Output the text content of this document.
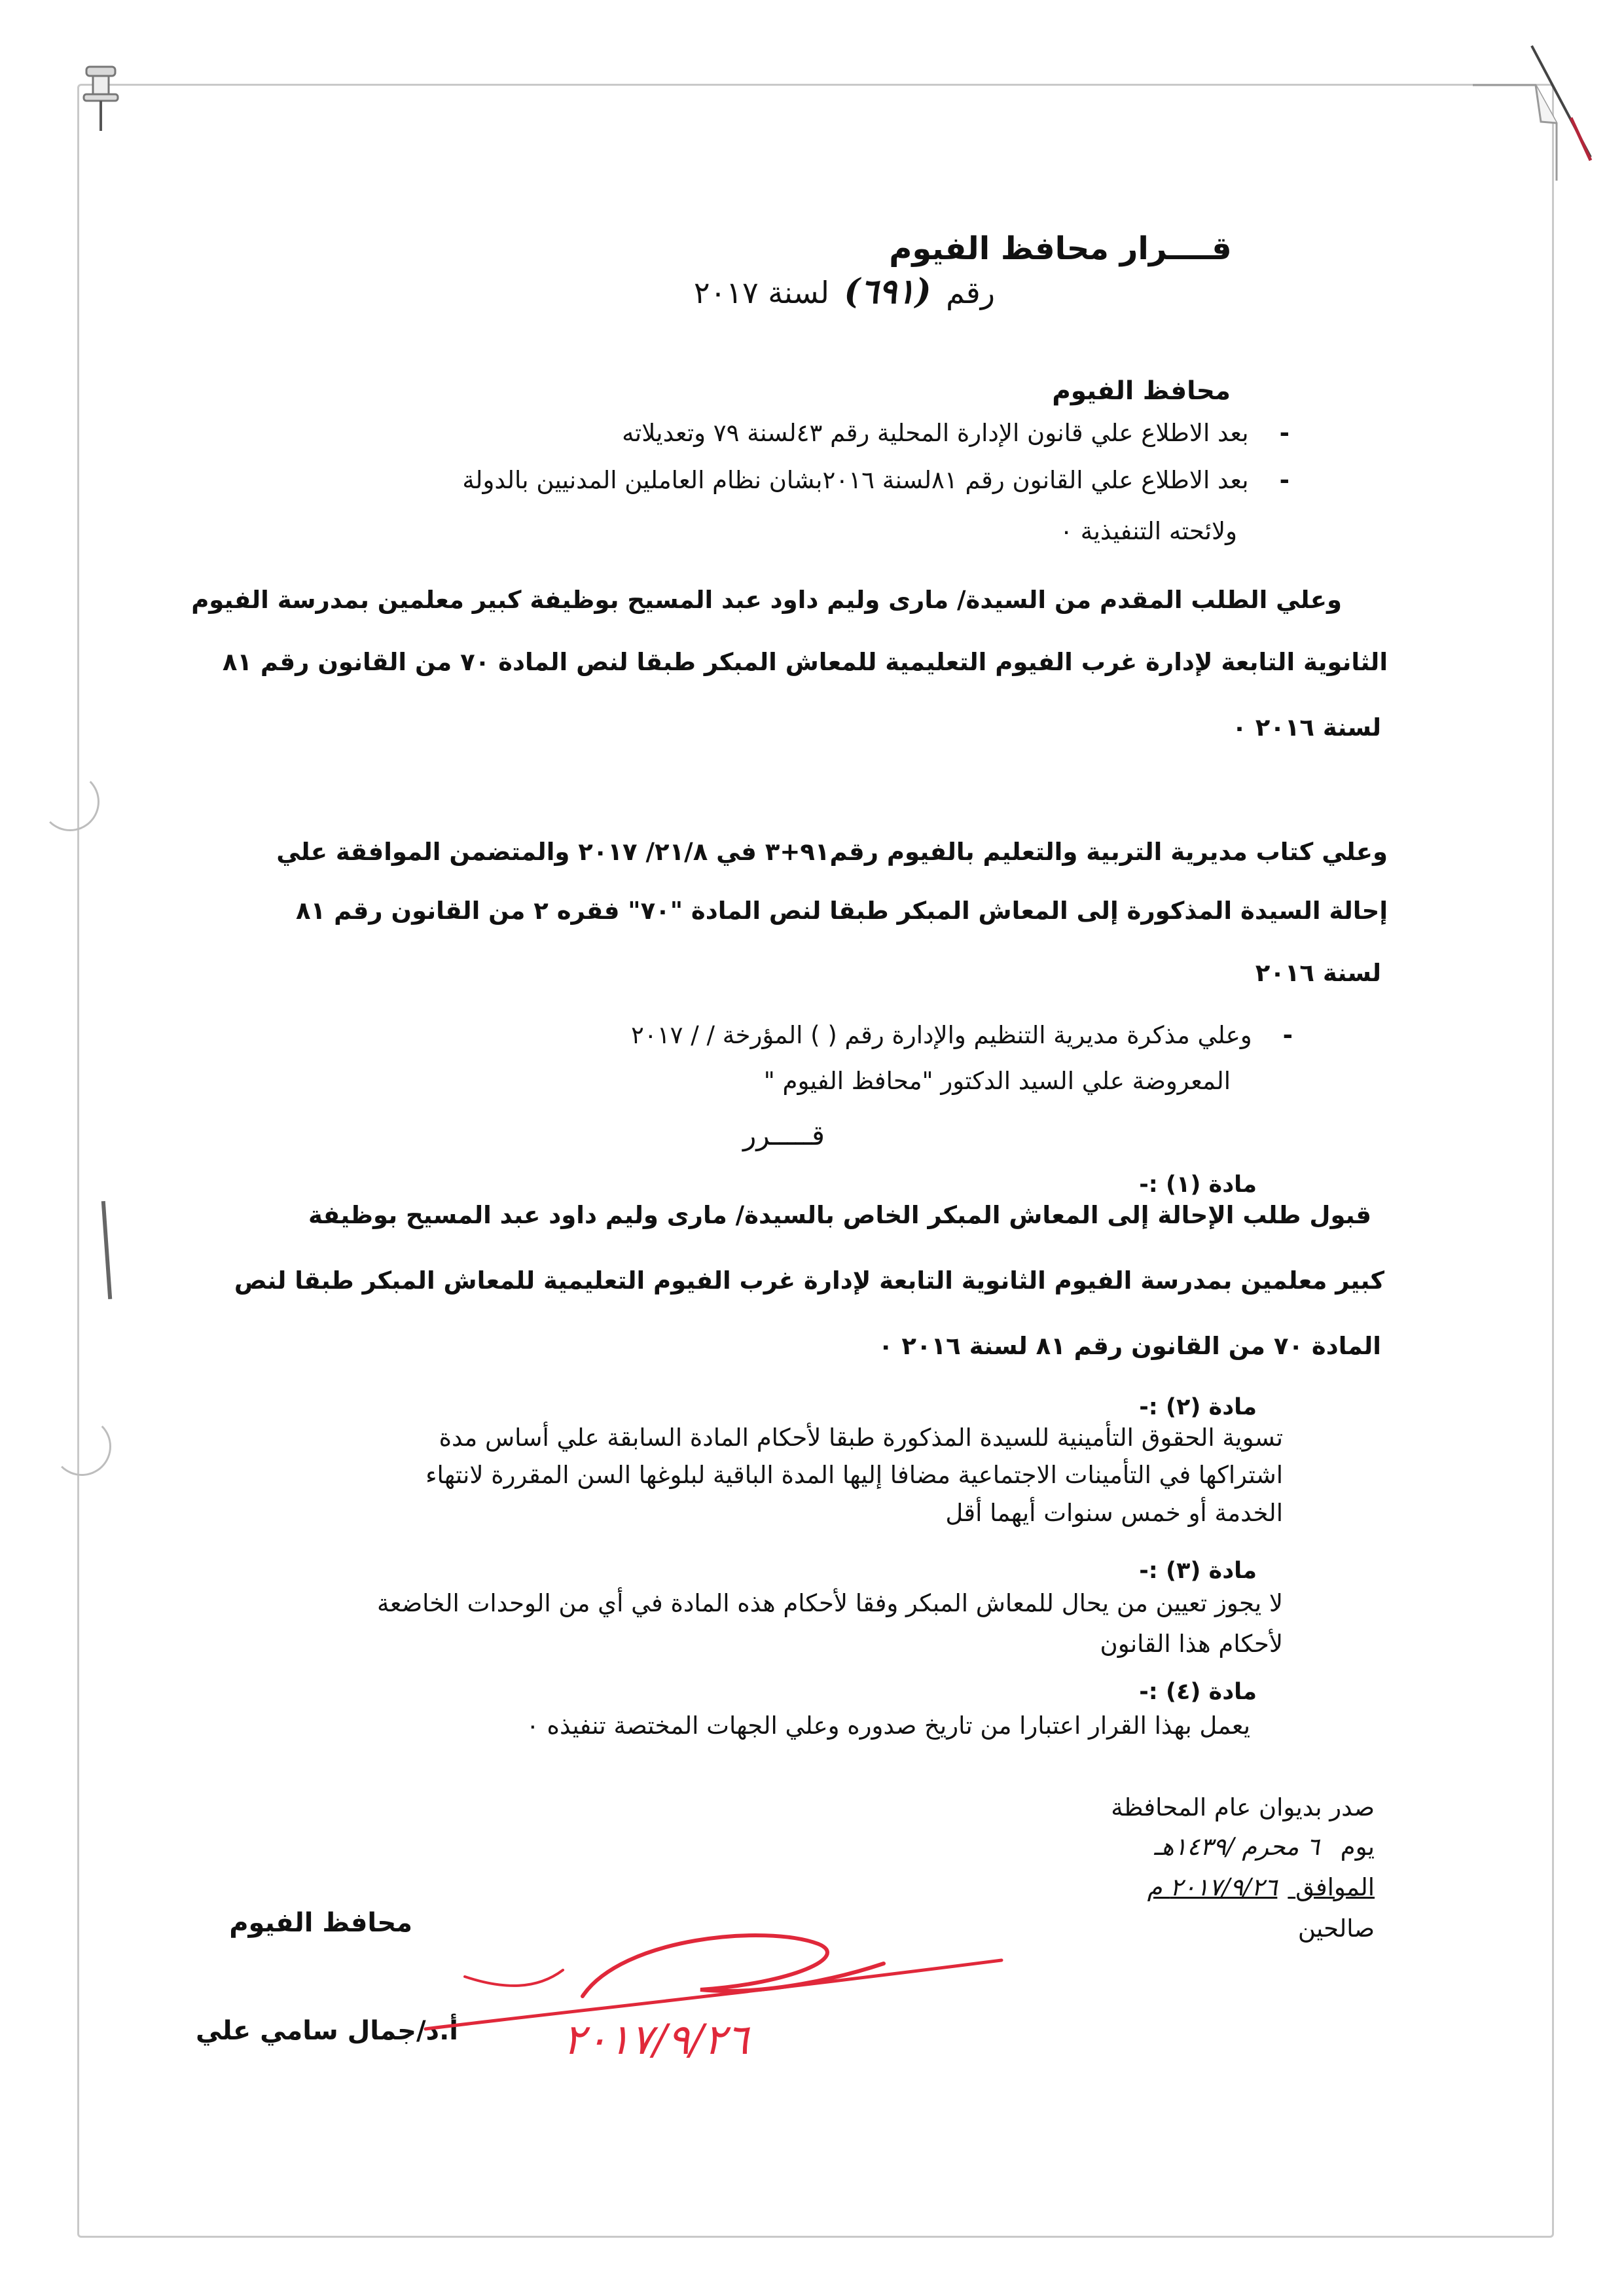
قــــرار محافظ الفيوم
رقم (٦٩١) لسنة ٢٠١٧
محافظ الفيوم
-    بعد الاطلاع علي قانون الإدارة المحلية رقم ٤٣لسنة ٧٩ وتعديلاته
-    بعد الاطلاع علي القانون رقم ٨١لسنة ٢٠١٦بشان نظام العاملين المدنيين بالدولة
ولائحته التنفيذية ٠
وعلي الطلب المقدم من السيدة/ مارى وليم داود عبد المسيح بوظيفة كبير معلمين بمدرسة الفيوم
الثانوية التابعة لإدارة غرب الفيوم التعليمية للمعاش المبكر طبقا لنص المادة ٧٠ من القانون رقم ٨١
لسنة ٢٠١٦ ٠
وعلي كتاب مديرية التربية والتعليم بالفيوم رقم٩١+٣ في ٢١/٨/ ٢٠١٧ والمتضمن الموافقة علي
إحالة السيدة المذكورة إلى المعاش المبكر طبقا لنص المادة "٧٠" فقره ٢ من القانون رقم ٨١
لسنة ٢٠١٦
-    وعلي مذكرة مديرية التنظيم والإدارة رقم ( ) المؤرخة / / ٢٠١٧
المعروضة علي السيد الدكتور "محافظ الفيوم "
قـــــرر
مادة (١) :-
قبول طلب الإحالة إلى المعاش المبكر الخاص بالسيدة/ مارى وليم داود عبد المسيح بوظيفة
كبير معلمين بمدرسة الفيوم الثانوية التابعة لإدارة غرب الفيوم التعليمية للمعاش المبكر طبقا لنص
المادة ٧٠ من القانون رقم ٨١ لسنة ٢٠١٦ ٠
مادة (٢) :-
تسوية الحقوق التأمينية للسيدة المذكورة طبقا لأحكام المادة السابقة علي أساس مدة
اشتراكها في التأمينات الاجتماعية مضافا إليها المدة الباقية لبلوغها السن المقررة لانتهاء
الخدمة أو خمس سنوات أيهما أقل
مادة (٣) :-
لا يجوز تعيين من يحال للمعاش المبكر وفقا لأحكام هذه المادة في أي من الوحدات الخاضعة
لأحكام هذا القانون
مادة (٤) :-
يعمل بهذا القرار اعتبارا من تاريخ صدوره وعلي الجهات المختصة تنفيذه ٠
صدر بديوان عام المحافظة
يوم ٦ محرم /١٤٣٩هـ
الموافق ٢٠١٧/٩/٢٦ م
صالحين
محافظ الفيوم
أ.د/جمال سامي علي	٢٠١٧/٩/٢٦
